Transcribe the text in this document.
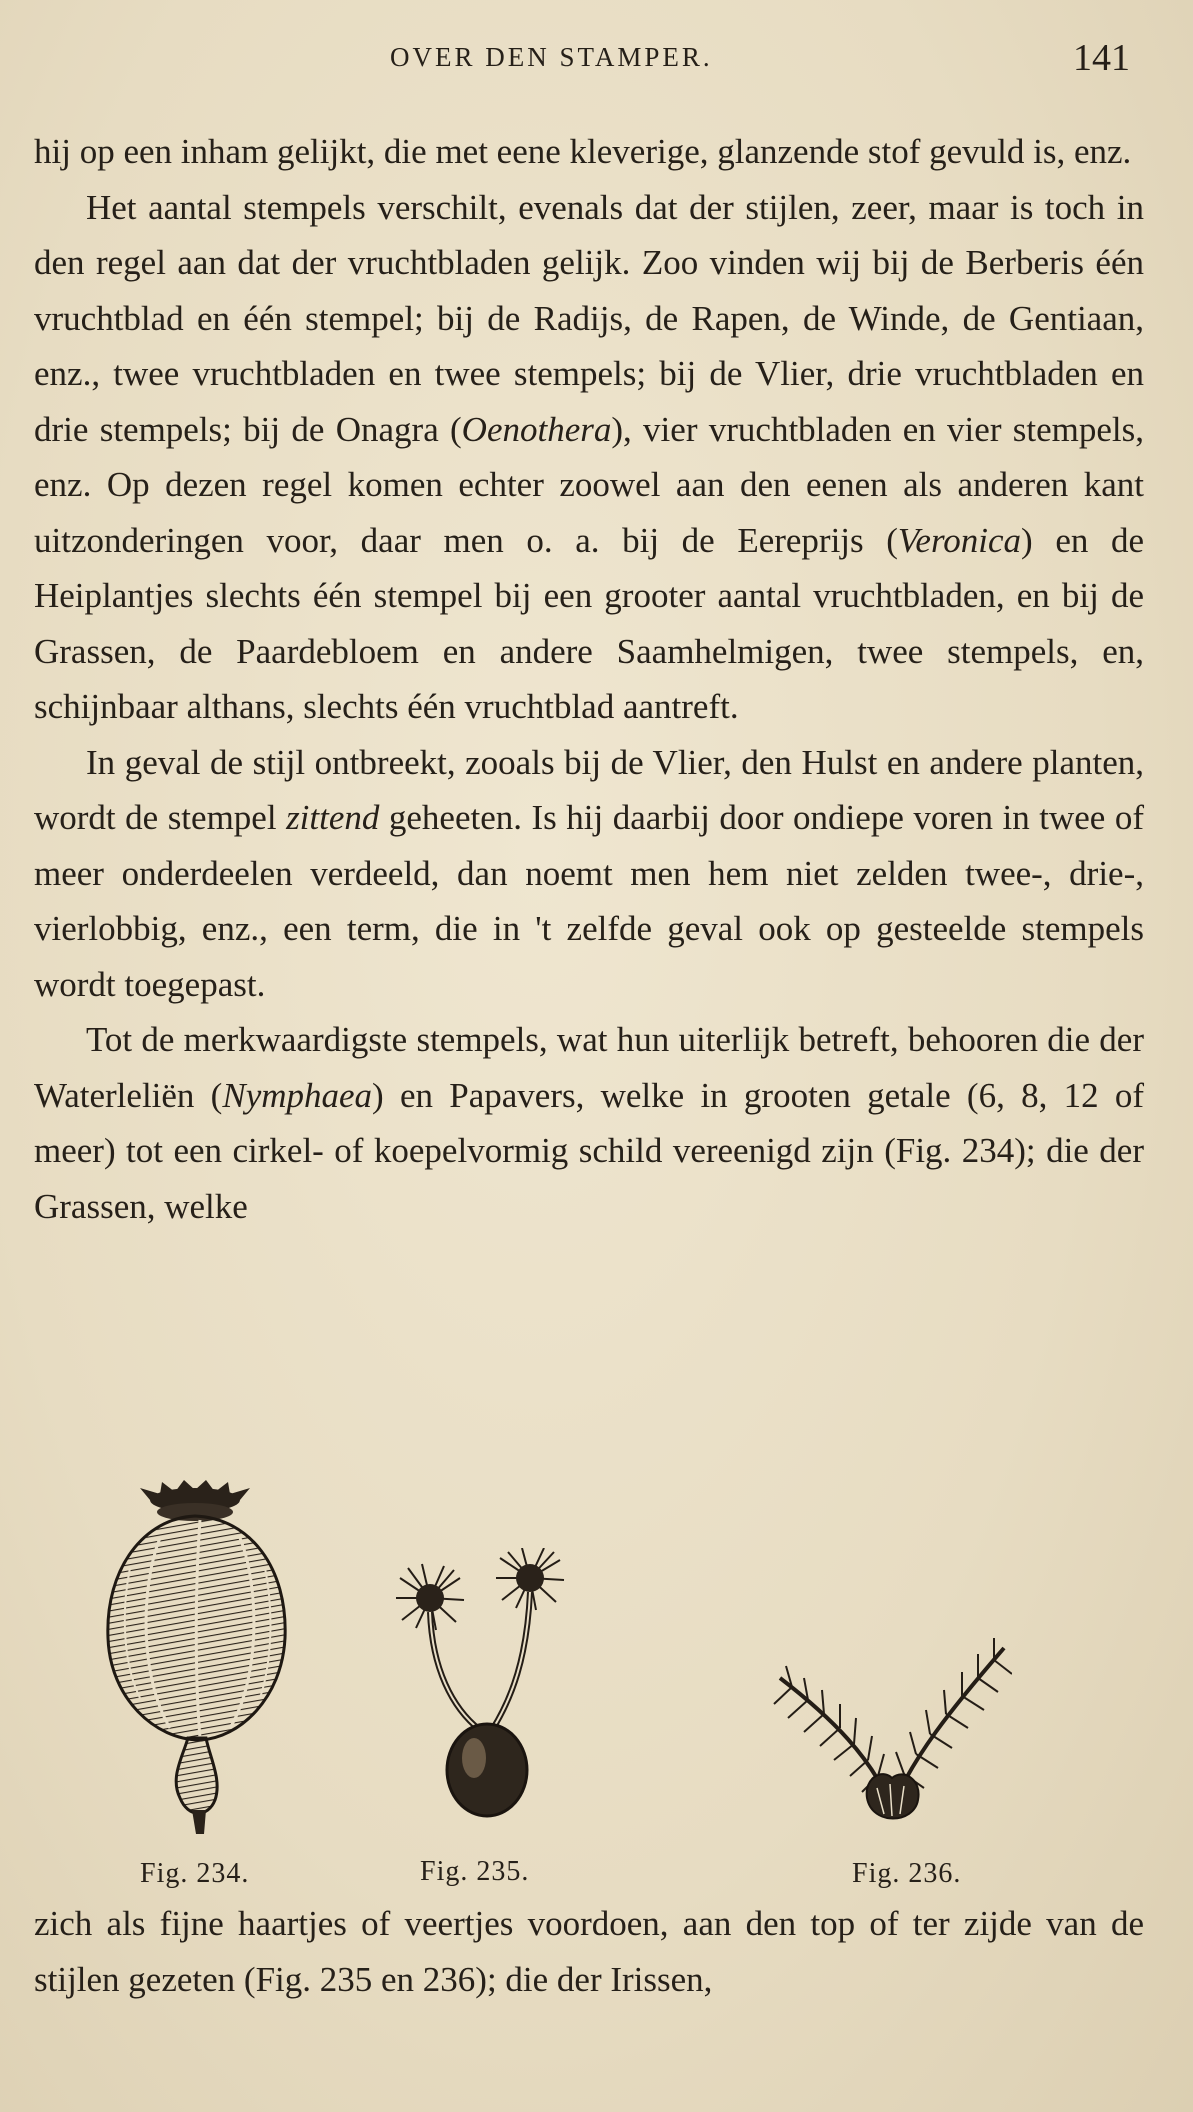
OVER DEN STAMPER.	141

hij op een inham gelijkt, die met eene kleverige, glanzende stof gevuld is, enz.

Het aantal stempels verschilt, evenals dat der stijlen, zeer, maar is toch in den regel aan dat der vruchtbladen gelijk. Zoo vinden wij bij de Berberis één vruchtblad en één stempel; bij de Radijs, de Rapen, de Winde, de Gentiaan, enz., twee vruchtbladen en twee stempels; bij de Vlier, drie vruchtbladen en drie stempels; bij de Onagra (Oenothera), vier vruchtbladen en vier stempels, enz. Op dezen regel komen echter zoowel aan den eenen als anderen kant uitzonderingen voor, daar men o. a. bij de Eereprijs (Veronica) en de Heiplantjes slechts één stempel bij een grooter aantal vruchtbladen, en bij de Grassen, de Paardebloem en andere Saamhelmigen, twee stempels, en, schijnbaar althans, slechts één vruchtblad aantreft.

In geval de stijl ontbreekt, zooals bij de Vlier, den Hulst en andere planten, wordt de stempel zittend geheeten. Is hij daarbij door ondiepe voren in twee of meer onderdeelen verdeeld, dan noemt men hem niet zelden twee-, drie-, vierlobbig, enz., een term, die in 't zelfde geval ook op gesteelde stempels wordt toegepast.

Tot de merkwaardigste stempels, wat hun uiterlijk betreft, behooren die der Waterleliën (Nymphaea) en Papavers, welke in grooten getale (6, 8, 12 of meer) tot een cirkel- of koepelvormig schild vereenigd zijn (Fig. 234); die der Grassen, welke

Fig. 234.	Fig. 235.	Fig. 236.

zich als fijne haartjes of veertjes voordoen, aan den top of ter zijde van de stijlen gezeten (Fig. 235 en 236); die der Irissen,
